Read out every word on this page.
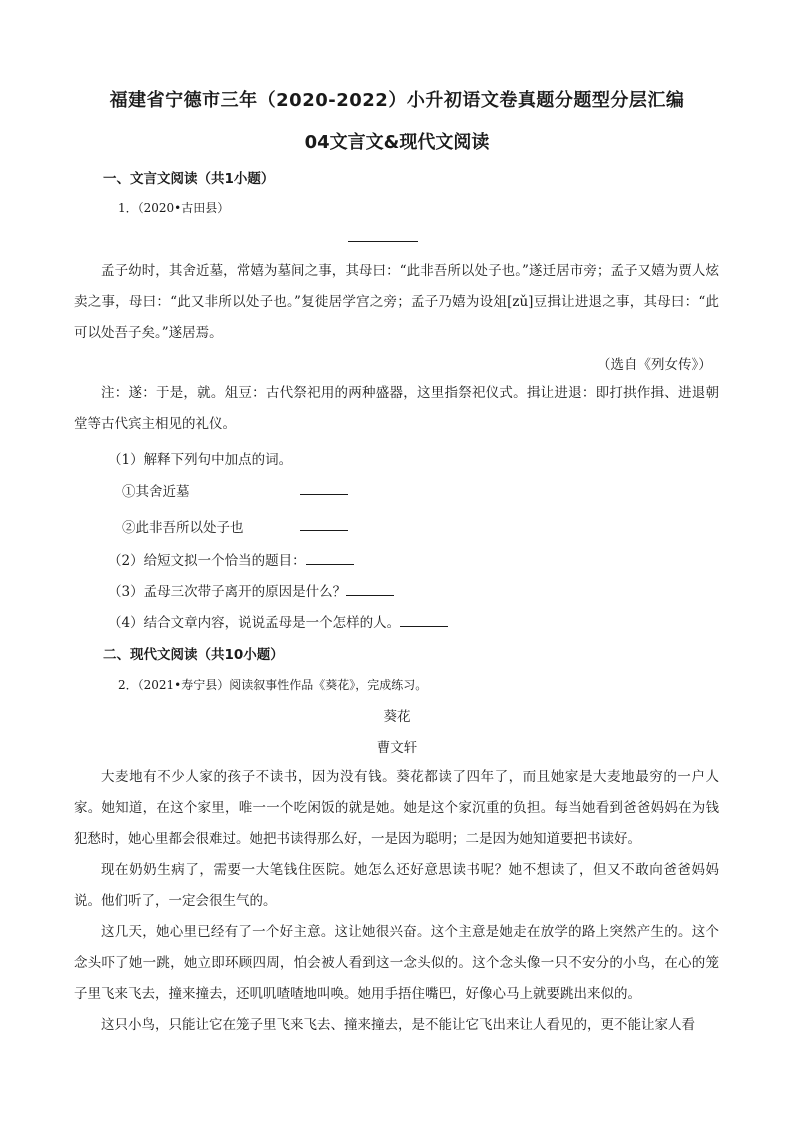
福建省宁德市三年（2020-2022）小升初语文卷真题分题型分层汇编
04文言文&现代文阅读
一、文言文阅读（共1小题）
1．（2020•古田县）
孟子幼时，其舍近墓，常嬉为墓间之事，其母曰：“此非吾所以处子也。”遂迁居市旁；孟子又嬉为贾人炫卖之事，母曰：“此又非所以处子也。”复徙居学宫之旁；孟子乃嬉为设俎[zǔ]豆揖让进退之事，其母曰：“此可以处吾子矣。”遂居焉。
（选自《列女传》）
注：遂：于是，就。俎豆：古代祭祀用的两种盛器，这里指祭祀仪式。揖让进退：即打拱作揖、进退朝堂等古代宾主相见的礼仪。
（1）解释下列句中加点的词。
①其舍近墓
②此非吾所以处子也
（2）给短文拟一个恰当的题目：
（3）孟母三次带子离开的原因是什么？
（4）结合文章内容，说说孟母是一个怎样的人。
二、现代文阅读（共10小题）
2．（2021•寿宁县）阅读叙事性作品《葵花》，完成练习。
葵花
曹文轩
大麦地有不少人家的孩子不读书，因为没有钱。葵花都读了四年了，而且她家是大麦地最穷的一户人家。她知道，在这个家里，唯一一个吃闲饭的就是她。她是这个家沉重的负担。每当她看到爸爸妈妈在为钱犯愁时，她心里都会很难过。她把书读得那么好，一是因为聪明；二是因为她知道要把书读好。
现在奶奶生病了，需要一大笔钱住医院。她怎么还好意思读书呢？她不想读了，但又不敢向爸爸妈妈说。他们听了，一定会很生气的。
这几天，她心里已经有了一个好主意。这让她很兴奋。这个主意是她走在放学的路上突然产生的。这个念头吓了她一跳，她立即环顾四周，怕会被人看到这一念头似的。这个念头像一只不安分的小鸟，在心的笼子里飞来飞去，撞来撞去，还叽叽喳喳地叫唤。她用手捂住嘴巴，好像心马上就要跳出来似的。
这只小鸟，只能让它在笼子里飞来飞去、撞来撞去，是不能让它飞出来让人看见的，更不能让家人看
